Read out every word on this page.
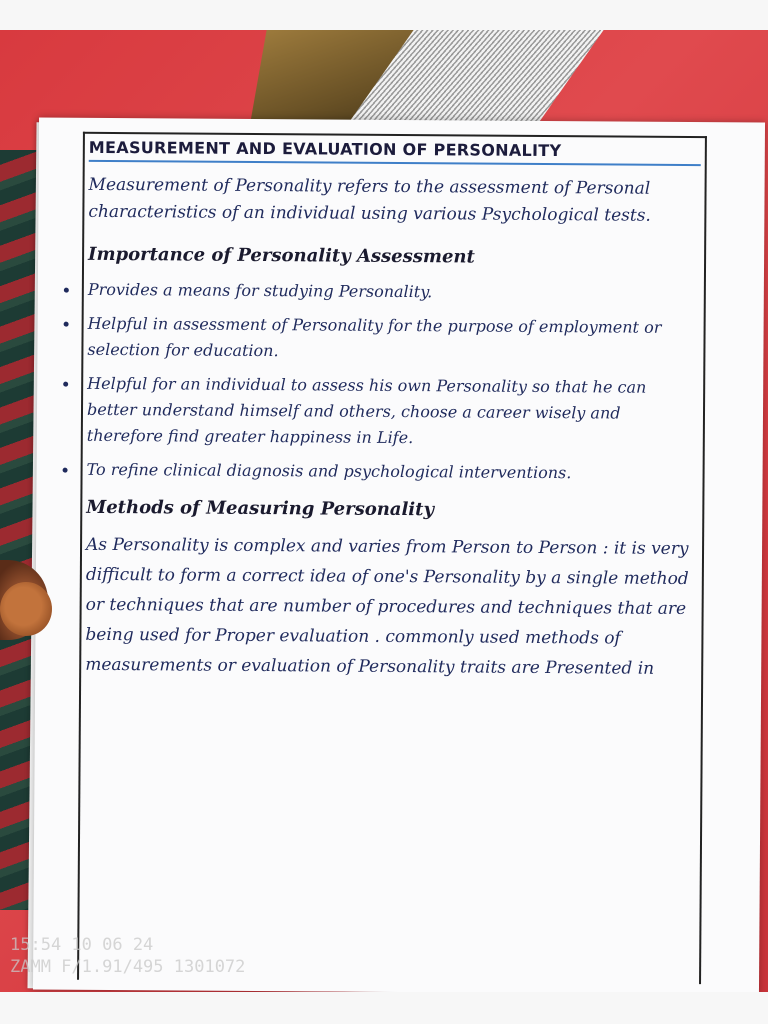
MEASUREMENT AND EVALUATION OF PERSONALITY

Measurement of Personality refers to the assessment of Personal characteristics of an individual using various Psychological tests.

Importance of Personality Assessment
Provides a means for studying Personality.
Helpful in assessment of Personality for the purpose of employment or selection for education.
Helpful for an individual to assess his own Personality so that he can better understand himself and others, choose a career wisely and therefore find greater happiness in Life.
To refine clinical diagnosis and psychological interventions.
Methods of Measuring Personality

As Personality is complex and varies from Person to Person : it is very difficult to form a correct idea of one's Personality by a single method or techniques that are number of procedures and techniques that are being used for Proper evaluation . commonly used methods of measurements or evaluation of Personality traits are Presented in

15:54 10 06 24
ZAMM F/1.91/495 1301072
